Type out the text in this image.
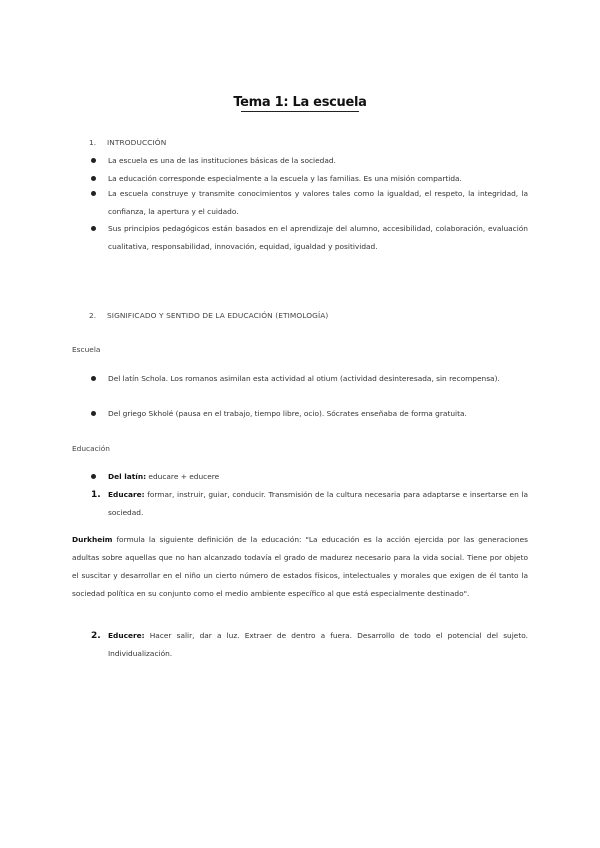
Tema 1: La escuela
1. INTRODUCCIÓN
La escuela es una de las instituciones básicas de la sociedad.
La educación corresponde especialmente a la escuela y las familias. Es una misión compartida.
La escuela construye y transmite conocimientos y valores tales como la igualdad, el respeto, la integridad, la confianza, la apertura y el cuidado.
Sus principios pedagógicos están basados en el aprendizaje del alumno, accesibilidad, colaboración, evaluación cualitativa, responsabilidad, innovación, equidad, igualdad y positividad.
2. SIGNIFICADO Y SENTIDO DE LA EDUCACIÓN (ETIMOLOGÍA)
Escuela
Del latín Schola. Los romanos asimilan esta actividad al otium (actividad desinteresada, sin recompensa).
Del griego Skholé (pausa en el trabajo, tiempo libre, ocio). Sócrates enseñaba de forma gratuita.
Educación
Del latín: educare + educere
1. Educare: formar, instruir, guiar, conducir. Transmisión de la cultura necesaria para adaptarse e insertarse en la sociedad.
Durkheim formula la siguiente definición de la educación: "La educación es la acción ejercida por las generaciones adultas sobre aquellas que no han alcanzado todavía el grado de madurez necesario para la vida social. Tiene por objeto el suscitar y desarrollar en el niño un cierto número de estados físicos, intelectuales y morales que exigen de él tanto la sociedad política en su conjunto como el medio ambiente específico al que está especialmente destinado".
2. Educere: Hacer salir, dar a luz. Extraer de dentro a fuera. Desarrollo de todo el potencial del sujeto. Individualización.
